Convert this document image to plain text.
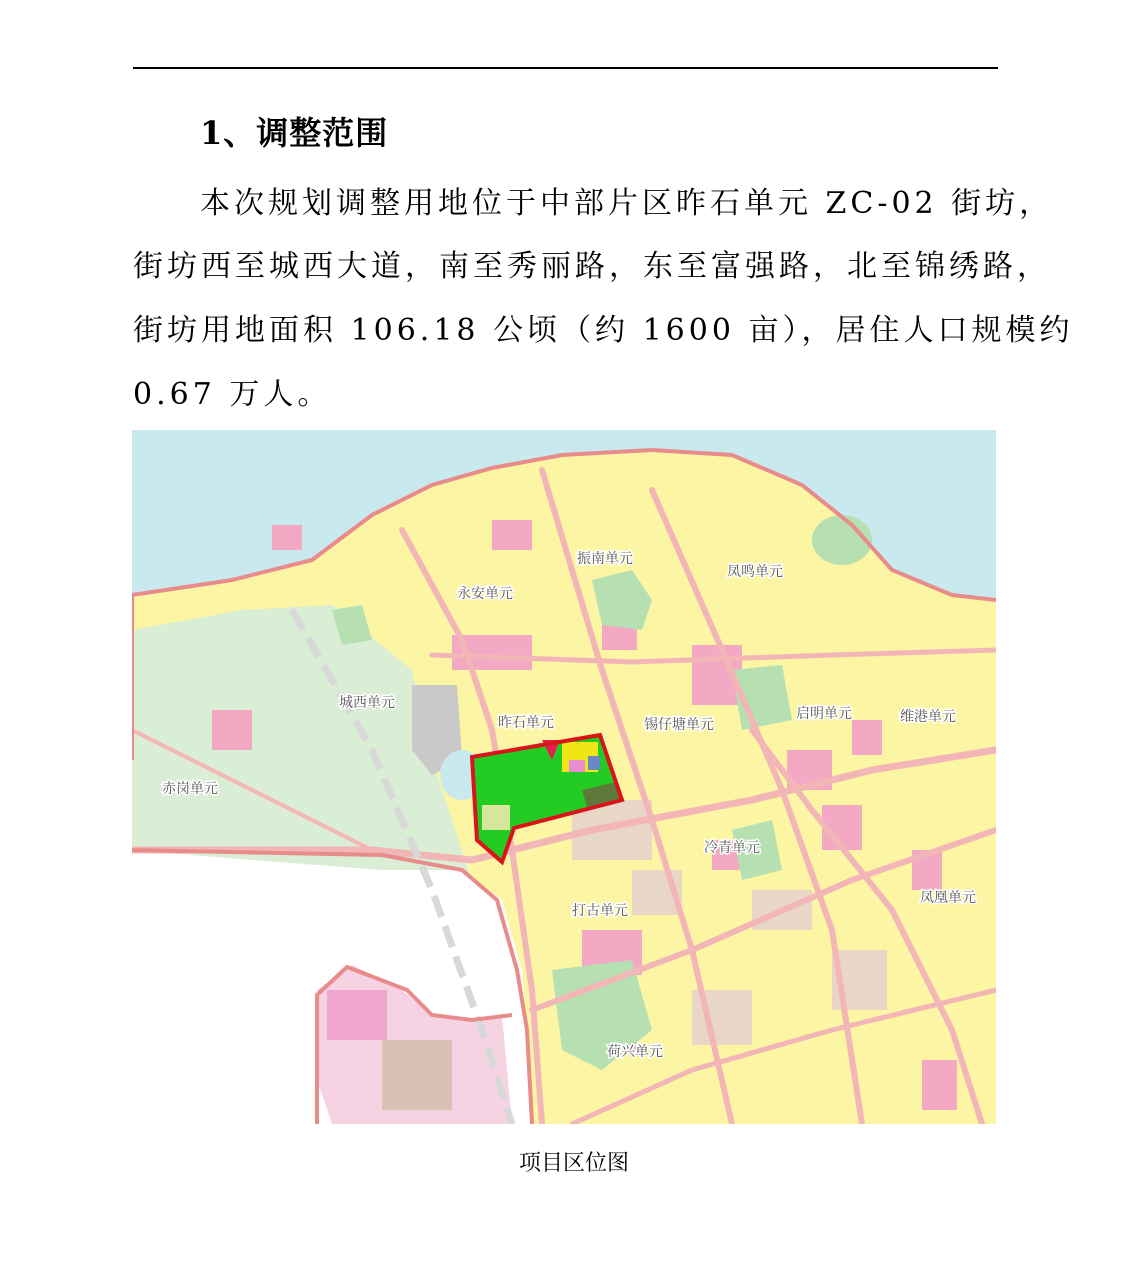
1、调整范围
本次规划调整用地位于中部片区昨石单元 ZC-02 街坊，
街坊西至城西大道，南至秀丽路，东至富强路，北至锦绣路，
街坊用地面积 106.18 公顷（约 1600 亩），居住人口规模约
0.67 万人。
振南单元
永安单元
凤鸣单元
城西单元
昨石单元	锡仔塘单元
启明单元	维港单元
赤岗单元
冷青单元
打古单元
凤凰单元
荷兴单元
项目区位图
